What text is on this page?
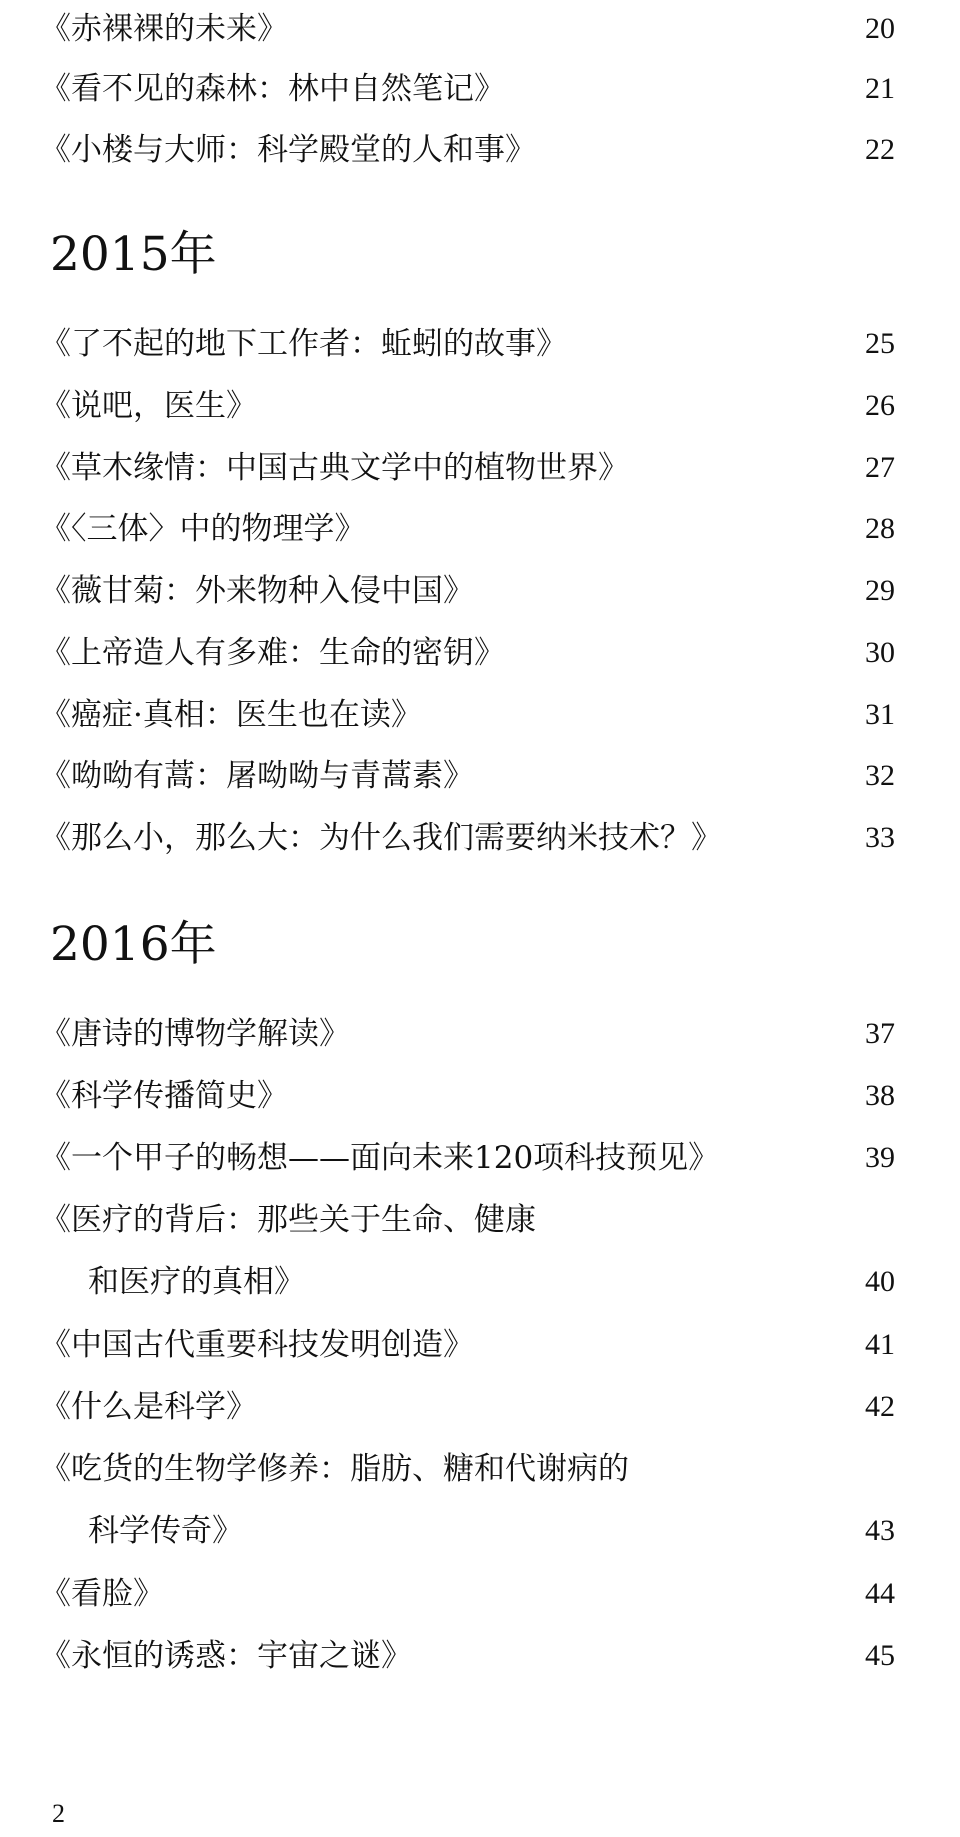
《赤裸裸的未来》	20
《看不见的森林：林中自然笔记》	21
《小楼与大师：科学殿堂的人和事》	22
2015年
《了不起的地下工作者：蚯蚓的故事》	25
《说吧，医生》	26
《草木缘情：中国古典文学中的植物世界》	27
《〈三体〉中的物理学》	28
《薇甘菊：外来物种入侵中国》	29
《上帝造人有多难：生命的密钥》	30
《癌症·真相：医生也在读》	31
《呦呦有蒿：屠呦呦与青蒿素》	32
《那么小，那么大：为什么我们需要纳米技术？》	33
2016年
《唐诗的博物学解读》	37
《科学传播简史》	38
《一个甲子的畅想——面向未来120项科技预见》	39
《医疗的背后：那些关于生命、健康
和医疗的真相》	40
《中国古代重要科技发明创造》	41
《什么是科学》	42
《吃货的生物学修养：脂肪、糖和代谢病的
科学传奇》	43
《看脸》	44
《永恒的诱惑：宇宙之谜》	45
2
